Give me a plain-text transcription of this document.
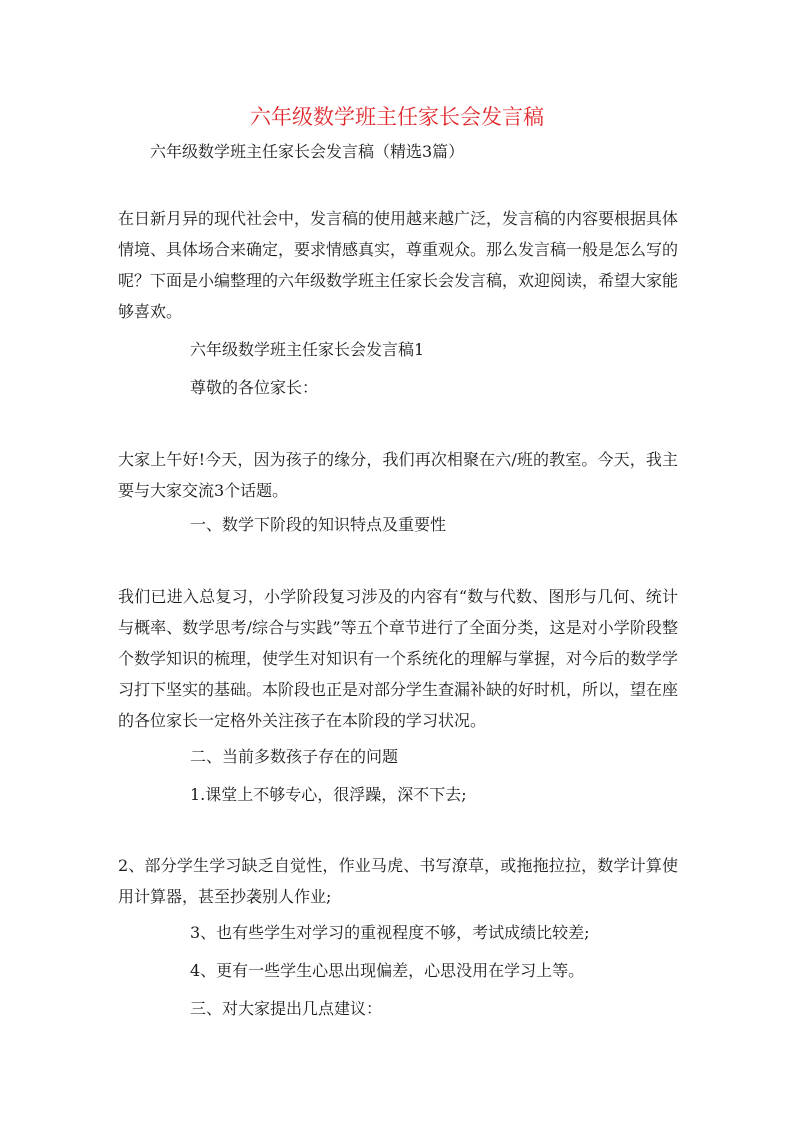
六年级数学班主任家长会发言稿

六年级数学班主任家长会发言稿（精选3篇）

在日新月异的现代社会中，发言稿的使用越来越广泛，发言稿的内容要根据具体情境、具体场合来确定，要求情感真实，尊重观众。那么发言稿一般是怎么写的呢？下面是小编整理的六年级数学班主任家长会发言稿，欢迎阅读，希望大家能够喜欢。

六年级数学班主任家长会发言稿1

尊敬的各位家长：

大家上午好!今天，因为孩子的缘分，我们再次相聚在六/班的教室。今天，我主要与大家交流3个话题。

一、数学下阶段的知识特点及重要性

我们已进入总复习，小学阶段复习涉及的内容有“数与代数、图形与几何、统计与概率、数学思考/综合与实践”等五个章节进行了全面分类，这是对小学阶段整个数学知识的梳理，使学生对知识有一个系统化的理解与掌握，对今后的数学学习打下坚实的基础。本阶段也正是对部分学生查漏补缺的好时机，所以，望在座的各位家长一定格外关注孩子在本阶段的学习状况。

二、当前多数孩子存在的问题

1.课堂上不够专心，很浮躁，深不下去;

2、部分学生学习缺乏自觉性，作业马虎、书写潦草，或拖拖拉拉，数学计算使用计算器，甚至抄袭别人作业;

3、也有些学生对学习的重视程度不够，考试成绩比较差;

4、更有一些学生心思出现偏差，心思没用在学习上等。

三、对大家提出几点建议：
